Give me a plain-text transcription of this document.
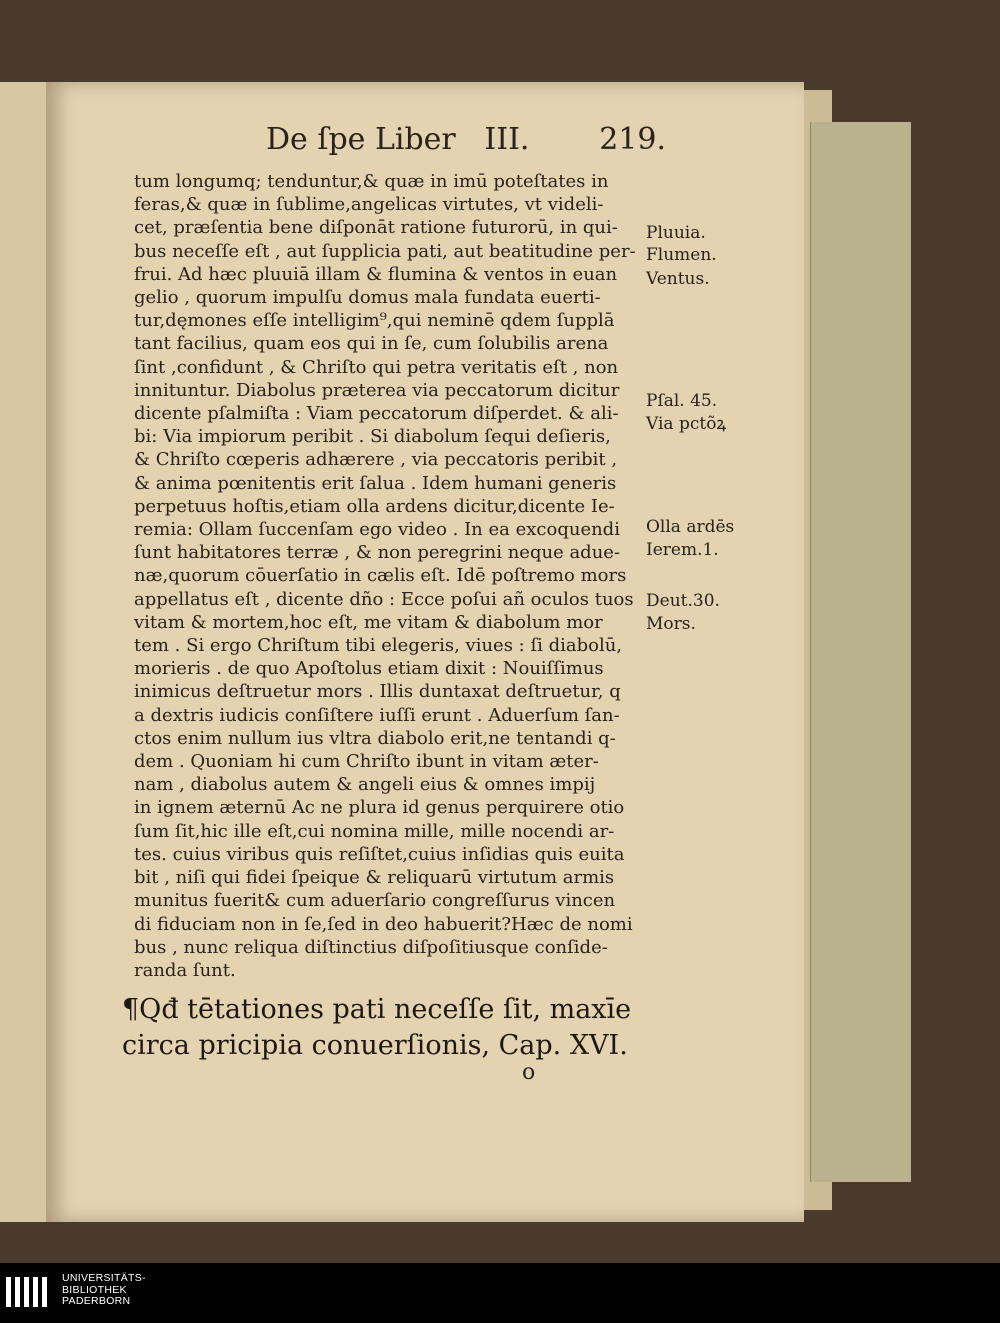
De ſpe Liber   III. 219.
tum longumq; tenduntur,& quæ in imū poteſtates in
feras,& quæ in ſublime,angelicas virtutes, vt videli-
cet, præſentia bene diſponāt ratione futurorū, in qui-
bus neceſſe eſt , aut ſupplicia pati, aut beatitudine per-
frui. Ad hæc pluuiā illam & flumina & ventos in euan
gelio , quorum impulſu domus mala fundata euerti-
tur,dęmones eſſe intelligim⁹,qui neminē qdem ſupplā
tant facilius, quam eos qui in ſe, cum ſolubilis arena
ſint ,confidunt , & Chriſto qui petra veritatis eſt , non
innituntur. Diabolus præterea via peccatorum dicitur
dicente pſalmiſta : Viam peccatorum diſperdet. & ali-
bi: Via impiorum peribit . Si diabolum ſequi deſieris,
& Chriſto cœperis adhærere , via peccatoris peribit ,
& anima pœnitentis erit ſalua . Idem humani generis
perpetuus hoſtis,etiam olla ardens dicitur,dicente Ie-
remia: Ollam ſuccenſam ego video . In ea excoquendi
ſunt habitatores terræ , & non peregrini neque adue-
næ,quorum cōuerſatio in cælis eſt. Idē poſtremo mors
appellatus eſt , dicente dño : Ecce poſui añ oculos tuos
vitam & mortem,hoc eſt, me vitam & diabolum mor
tem . Si ergo Chriſtum tibi elegeris, viues : ſi diabolū,
morieris . de quo Apoſtolus etiam dixit : Nouiſſimus
inimicus deſtruetur mors . Illis duntaxat deſtruetur, q
a dextris iudicis conſiſtere iuſſi erunt . Aduerſum ſan-
ctos enim nullum ius vltra diabolo erit,ne tentandi q-
dem . Quoniam hi cum Chriſto ibunt in vitam æter-
nam , diabolus autem & angeli eius & omnes impij
in ignem æternū Ac ne plura id genus perquirere otio
ſum ſit,hic ille eſt,cui nomina mille, mille nocendi ar-
tes. cuius viribus quis reſiſtet,cuius inſidias quis euita
bit , niſi qui fidei ſpeique & reliquarū virtutum armis
munitus fuerit& cum aduerſario congreſſurus vincen
di fiduciam non in ſe,ſed in deo habuerit?Hæc de nomi
bus , nunc reliqua diſtinctius diſpoſitiusque conſide-
randa ſunt.
¶Qđ tētationes pati neceſſe ſit, maxīe
circa pricipia conuerſionis, Cap. XVI.
o
Pluuia.
Flumen.
Ventus.
Pſal. 45.
Via pctõꝝ
Olla ardēs
Ierem.1.
Deut.30.
Mors.
UNIVERSITÄTS-
BIBLIOTHEK
PADERBORN
